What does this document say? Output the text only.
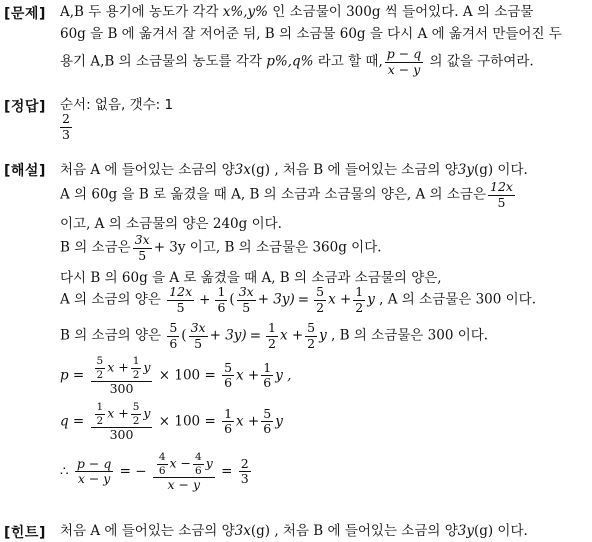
[문제] A,B 두 용기에 농도가 각각 x%,y% 인 소금물이 300g 씩 들어있다. A 의 소금물
60g 을 B 에 옮겨서 잘 저어준 뒤, B 의 소금물 60g 을 다시 A 에 옮겨서 만들어진 두
용기 A,B 의 소금물의 농도를 각각 p%,q% 라고 할 때, $\frac{p - q}{x - y}$ 의 값을 구하여라.
[정답] 순서: 없음, 갯수: 1
$\frac{2}{3}$
[해설] 처음 A 에 들어있는 소금의 양3x(g) , 처음 B 에 들어있는 소금의 양3y(g) 이다.
A 의 60g 을 B 로 옮겼을 때 A, B 의 소금과 소금물의 양은, A 의 소금은 $\frac{12x}{5}$
이고, A 의 소금물의 양은 240g 이다.
B 의 소금은 $\frac{3x}{5} + 3y$ 이고, B 의 소금물은 360g 이다.
다시 B 의 60g 을 A 로 옮겼을 때 A, B 의 소금과 소금물의 양은,
A 의 소금의 양은 $\frac{12x}{5} + \frac{1}{6}$ ( $\frac{3x}{5} + 3y) = \frac{5}{2}$ $x + \frac{1}{2}$ y , A 의 소금물은 300 이다.
B 의 소금의 양은 $\frac{5}{6}$ ( $\frac{3x}{5} + 3y) = \frac{1}{2}$ $x + \frac{5}{2}$ y , B 의 소금물은 300 이다.
$p = \frac{\frac{5}{2} x + \frac{1}{2} y}{300} \times 100 = \frac{5}{6}$ $x + \frac{1}{6}$ y ,
$q = \frac{\frac{1}{2} x + \frac{5}{2} y}{300} \times 100 = \frac{1}{6}$ $x + \frac{5}{6}$ y
∴ $\frac{p - q}{x - y}$ = − $\frac{\frac{4}{6} x - \frac{4}{6} y}{x - y} = \frac{2}{3}$
[힌트] 처음 A 에 들어있는 소금의 양3x(g) , 처음 B 에 들어있는 소금의 양3y(g) 이다.
